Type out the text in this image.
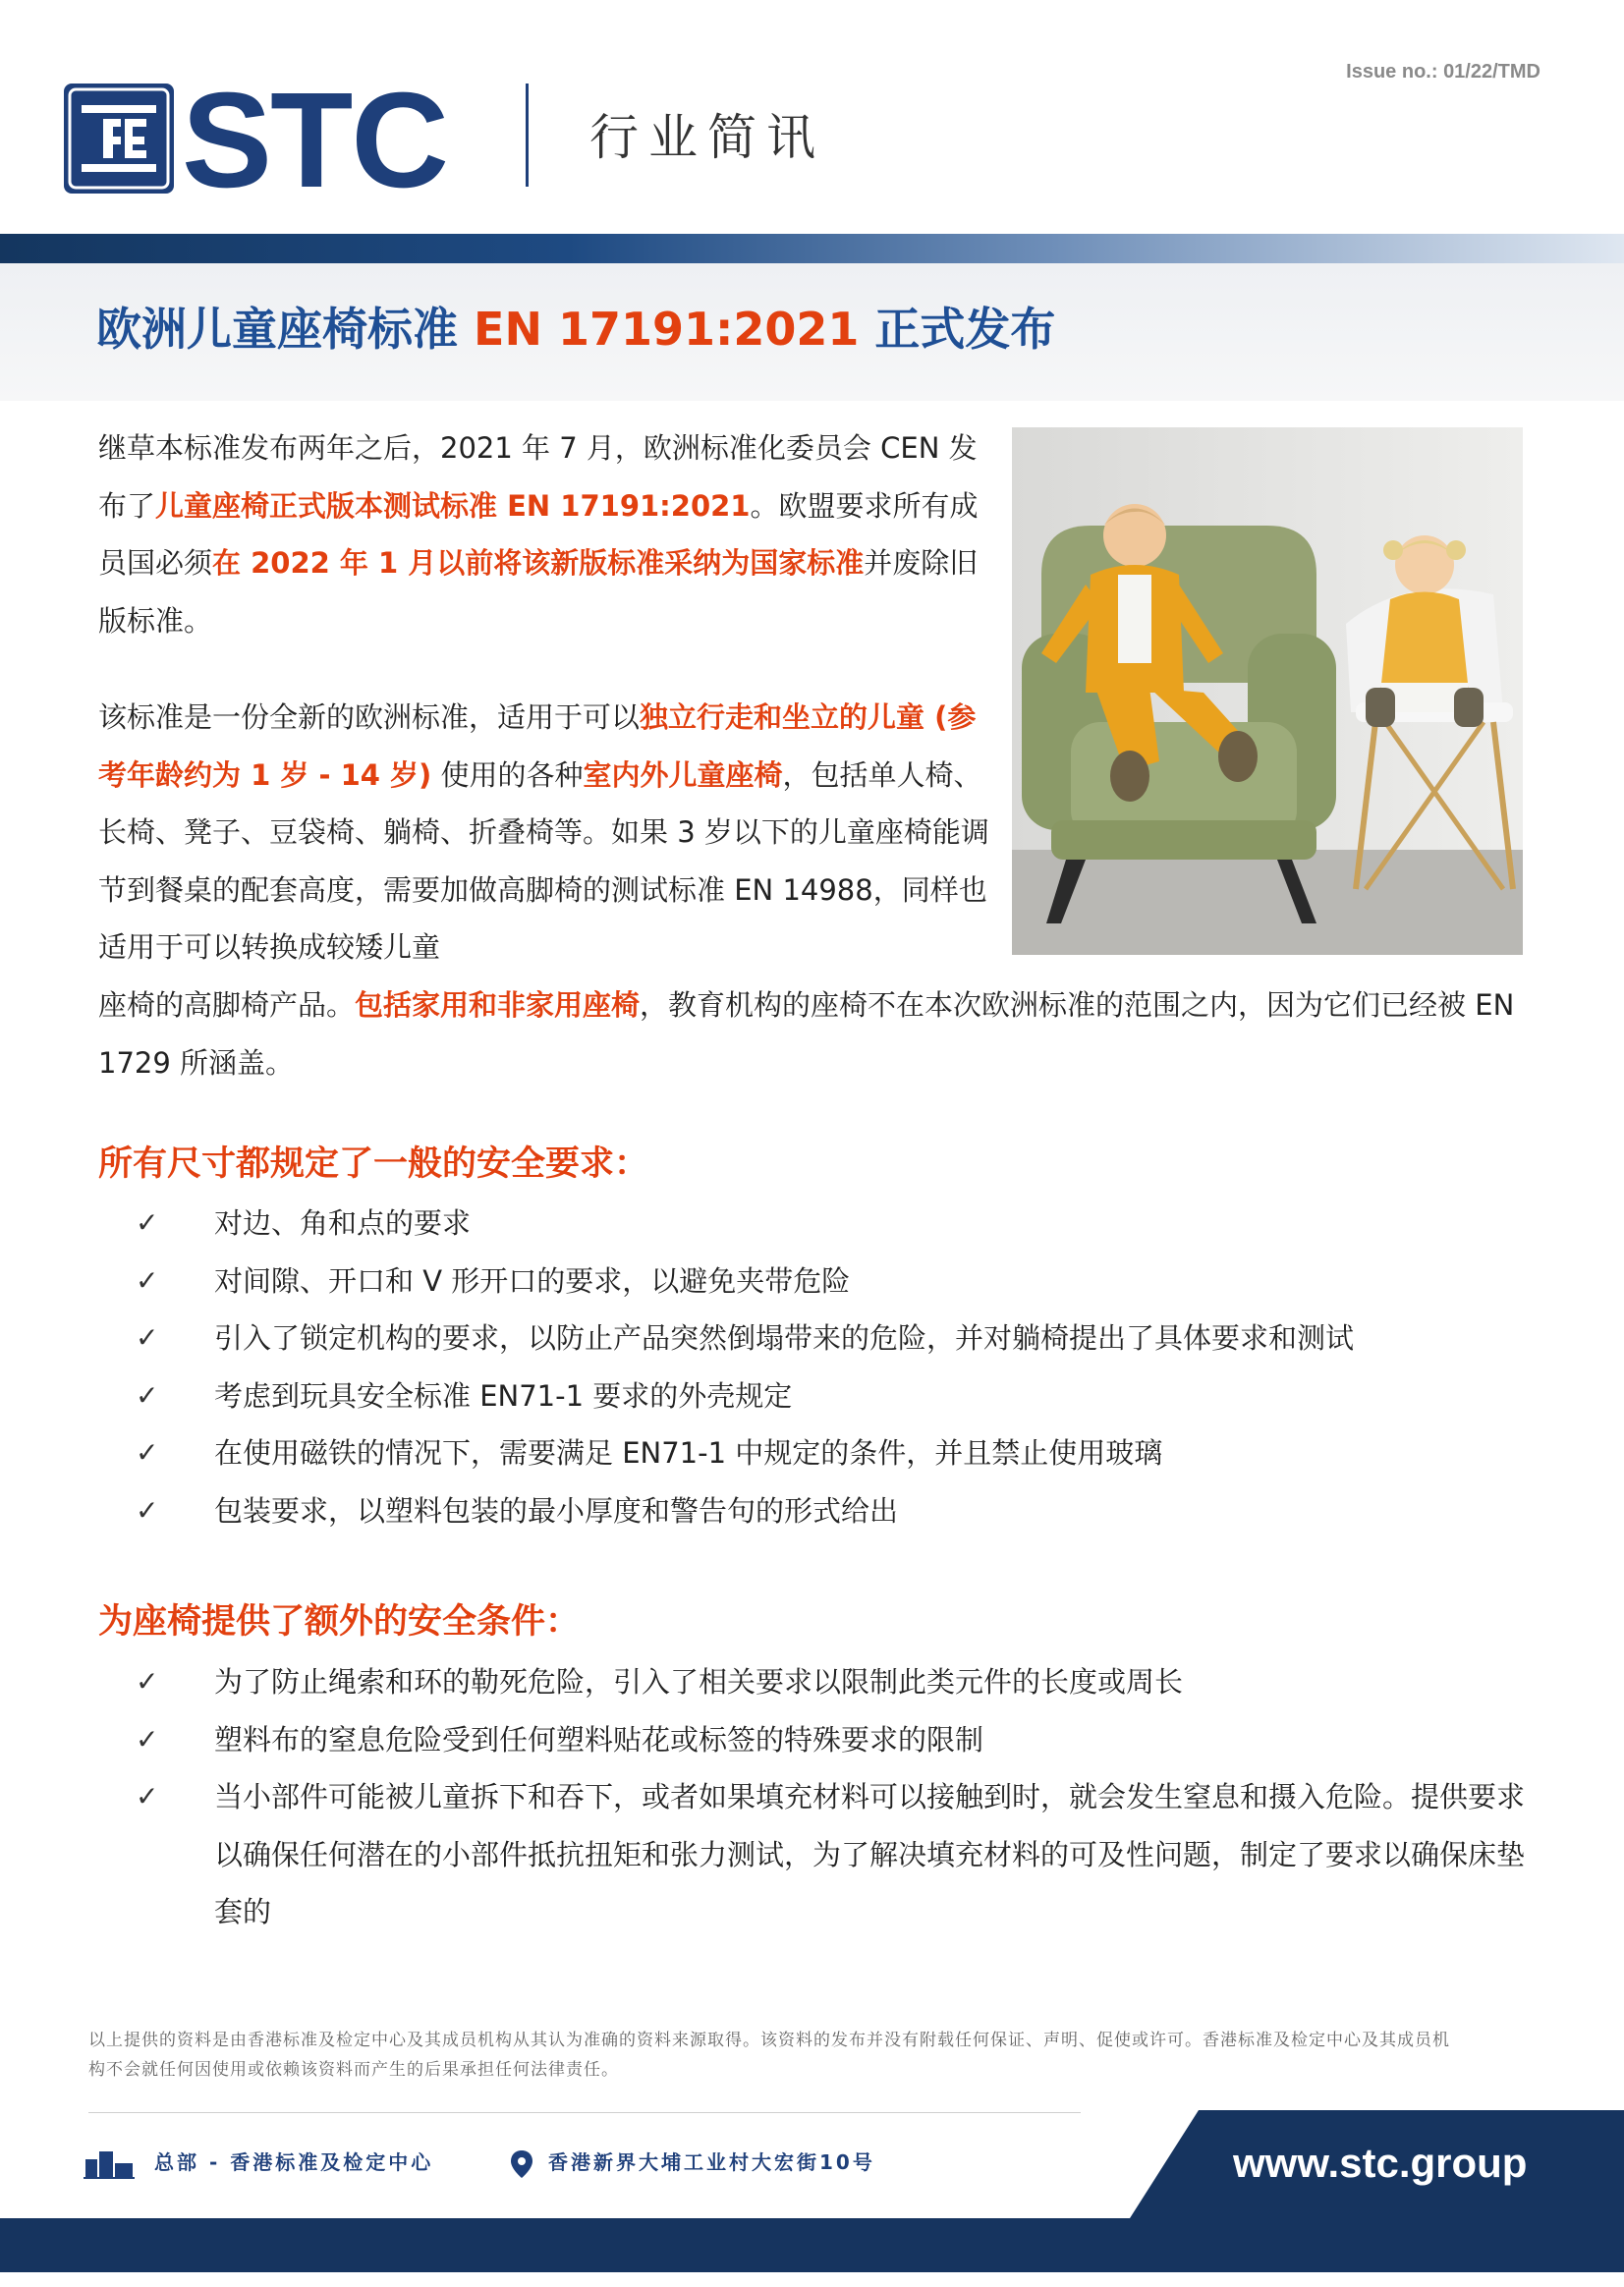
Issue no.: 01/22/TMD
STC	行业简讯
欧洲儿童座椅标准 EN 17191:2021 正式发布
继草本标准发布两年之后，2021 年 7 月，欧洲标准化委员会 CEN 发布了儿童座椅正式版本测试标准 EN 17191:2021。欧盟要求所有成员国必须在 2022 年 1 月以前将该新版标准采纳为国家标准并废除旧版标准。
该标准是一份全新的欧洲标准，适用于可以独立行走和坐立的儿童 (参考年龄约为 1 岁 - 14 岁) 使用的各种室内外儿童座椅，包括单人椅、长椅、凳子、豆袋椅、躺椅、折叠椅等。如果 3 岁以下的儿童座椅能调节到餐桌的配套高度，需要加做高脚椅的测试标准 EN 14988，同样也适用于可以转换成较矮儿童
座椅的高脚椅产品。包括家用和非家用座椅，教育机构的座椅不在本次欧洲标准的范围之内，因为它们已经被 EN 1729 所涵盖。
所有尺寸都规定了一般的安全要求：
✓ 对边、角和点的要求
✓ 对间隙、开口和 V 形开口的要求，以避免夹带危险
✓ 引入了锁定机构的要求，以防止产品突然倒塌带来的危险，并对躺椅提出了具体要求和测试
✓ 考虑到玩具安全标准 EN71-1 要求的外壳规定
✓ 在使用磁铁的情况下，需要满足 EN71-1 中规定的条件，并且禁止使用玻璃
✓ 包装要求，以塑料包装的最小厚度和警告句的形式给出
为座椅提供了额外的安全条件：
✓ 为了防止绳索和环的勒死危险，引入了相关要求以限制此类元件的长度或周长
✓ 塑料布的窒息危险受到任何塑料贴花或标签的特殊要求的限制
✓ 当小部件可能被儿童拆下和吞下，或者如果填充材料可以接触到时，就会发生窒息和摄入危险。提供要求以确保任何潜在的小部件抵抗扭矩和张力测试，为了解决填充材料的可及性问题，制定了要求以确保床垫套的
以上提供的资料是由香港标准及检定中心及其成员机构从其认为准确的资料来源取得。该资料的发布并没有附载任何保证、声明、促使或许可。香港标准及检定中心及其成员机构不会就任何因使用或依赖该资料而产生的后果承担任何法律责任。
总部 - 香港标准及检定中心	香港新界大埔工业村大宏街10号	www.stc.group
